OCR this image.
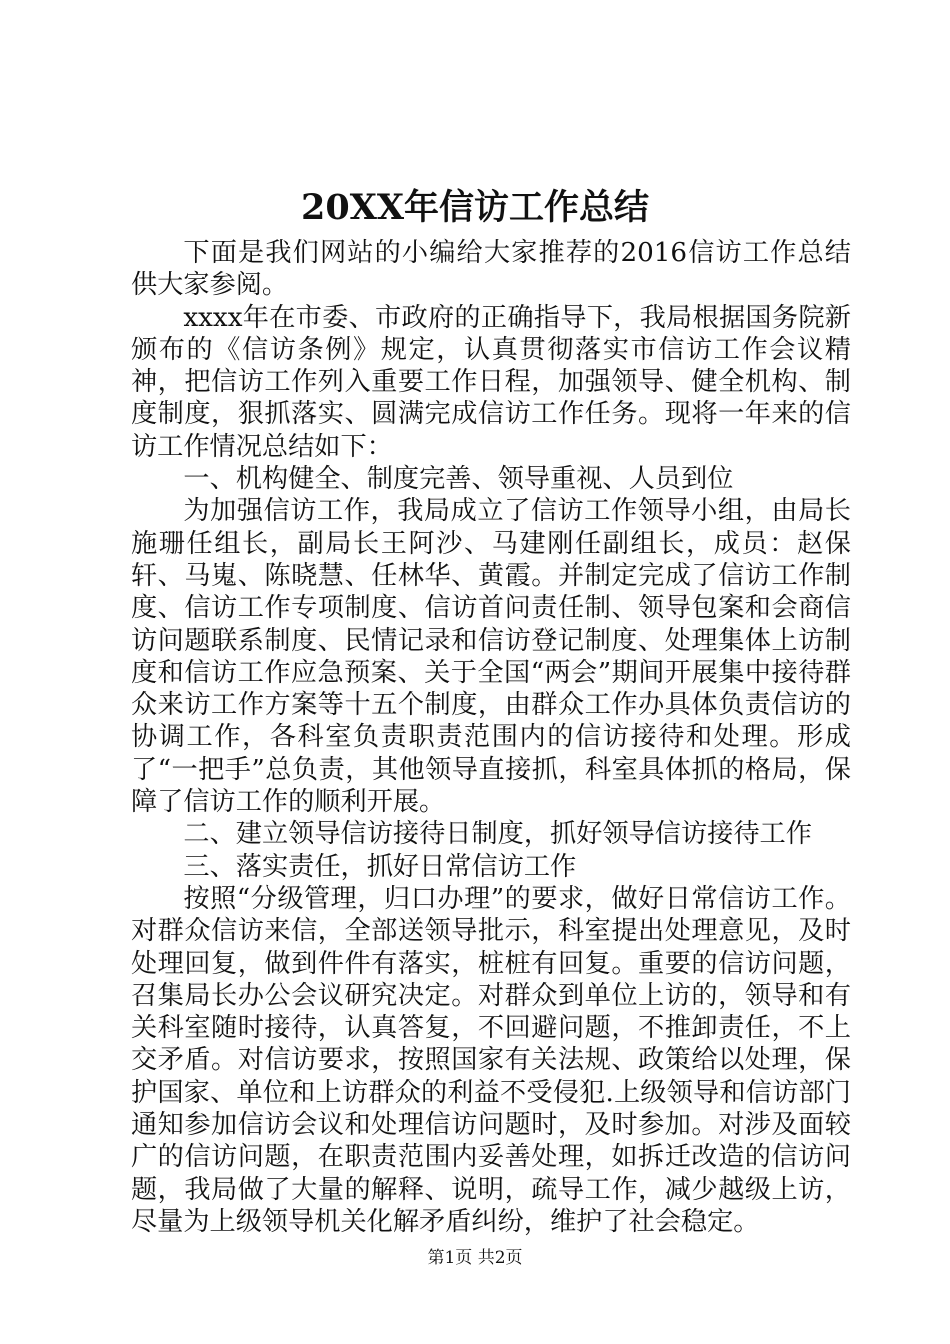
20XX年信访工作总结

下面是我们网站的小编给大家推荐的2016信访工作总结供大家参阅。

xxxx年在市委、市政府的正确指导下，我局根据国务院新颁布的《信访条例》规定，认真贯彻落实市信访工作会议精神，把信访工作列入重要工作日程，加强领导、健全机构、制度制度，狠抓落实、圆满完成信访工作任务。现将一年来的信访工作情况总结如下：

一、机构健全、制度完善、领导重视、人员到位

为加强信访工作，我局成立了信访工作领导小组，由局长施珊任组长，副局长王阿沙、马建刚任副组长，成员：赵保轩、马嵬、陈晓慧、任林华、黄霞。并制定完成了信访工作制度、信访工作专项制度、信访首问责任制、领导包案和会商信访问题联系制度、民情记录和信访登记制度、处理集体上访制度和信访工作应急预案、关于全国“两会”期间开展集中接待群众来访工作方案等十五个制度，由群众工作办具体负责信访的协调工作，各科室负责职责范围内的信访接待和处理。形成了“一把手”总负责，其他领导直接抓，科室具体抓的格局，保障了信访工作的顺利开展。

二、建立领导信访接待日制度，抓好领导信访接待工作

三、落实责任，抓好日常信访工作

按照“分级管理，归口办理”的要求，做好日常信访工作。对群众信访来信，全部送领导批示，科室提出处理意见，及时处理回复，做到件件有落实，桩桩有回复。重要的信访问题，召集局长办公会议研究决定。对群众到单位上访的，领导和有关科室随时接待，认真答复，不回避问题，不推卸责任，不上交矛盾。对信访要求，按照国家有关法规、政策给以处理，保护国家、单位和上访群众的利益不受侵犯.上级领导和信访部门通知参加信访会议和处理信访问题时，及时参加。对涉及面较广的信访问题，在职责范围内妥善处理，如拆迁改造的信访问题，我局做了大量的解释、说明，疏导工作，减少越级上访，尽量为上级领导机关化解矛盾纠纷，维护了社会稳定。

第1页 共2页
